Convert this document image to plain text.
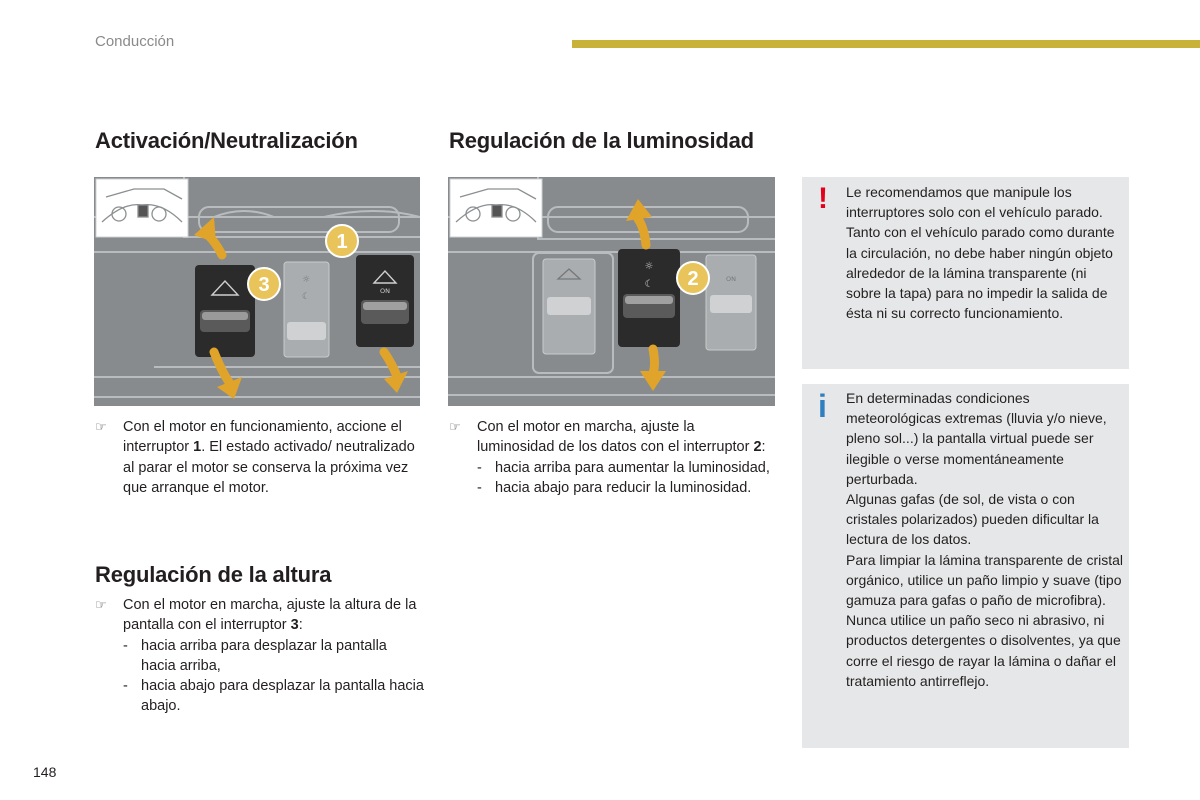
Conducción
Activación/Neutralización
☼
☾
ON
1
3
☞ Con el motor en funcionamiento, accione el interruptor 1. El estado activado/ neutralizado al parar el motor se conserva la próxima vez que arranque el motor.
Regulación de la altura
☞ Con el motor en marcha, ajuste la altura de la pantalla con el interruptor 3:
- hacia arriba para desplazar la pantalla hacia arriba,
- hacia abajo para desplazar la pantalla hacia abajo.
Regulación de la luminosidad
ON
☼
☾ 2
☞ Con el motor en marcha, ajuste la luminosidad de los datos con el interruptor 2:
- hacia arriba para aumentar la luminosidad,
- hacia abajo para reducir la luminosidad.
! Le recomendamos que manipule los interruptores solo con el vehículo parado. Tanto con el vehículo parado como durante la circulación, no debe haber ningún objeto alrededor de la lámina transparente (ni sobre la tapa) para no impedir la salida de ésta ni su correcto funcionamiento.
i En determinadas condiciones meteorológicas extremas (lluvia y/o nieve, pleno sol...) la pantalla virtual puede ser ilegible o verse momentáneamente perturbada.
Algunas gafas (de sol, de vista o con cristales polarizados) pueden dificultar la lectura de los datos.
Para limpiar la lámina transparente de cristal orgánico, utilice un paño limpio y suave (tipo gamuza para gafas o paño de microfibra). Nunca utilice un paño seco ni abrasivo, ni productos detergentes o disolventes, ya que corre el riesgo de rayar la lámina o dañar el tratamiento antirreflejo.
148
